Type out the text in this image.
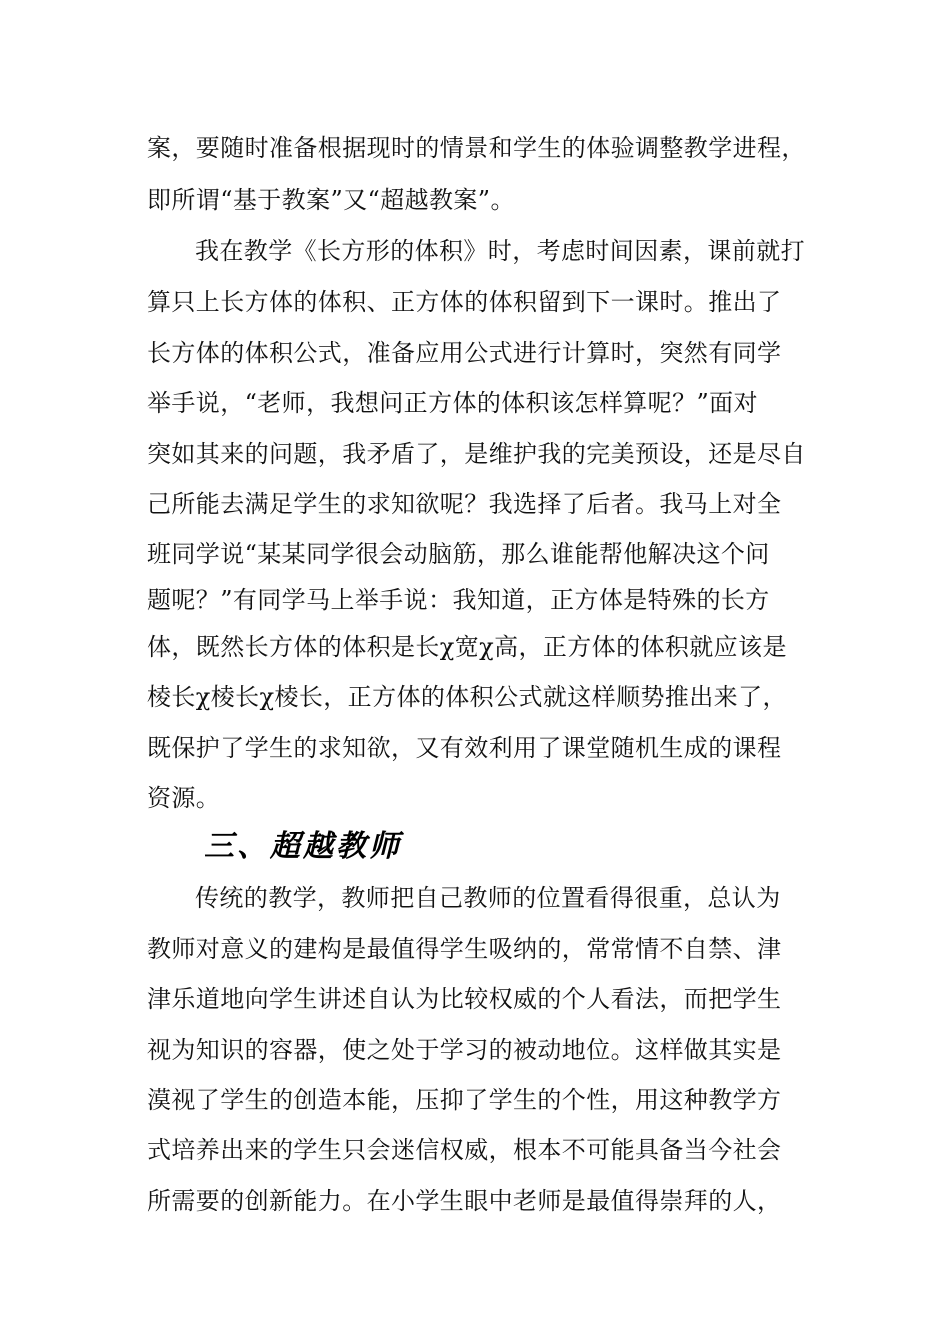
案，要随时准备根据现时的情景和学生的体验调整教学进程，
即所谓“基于教案”又“超越教案”。
我在教学《长方形的体积》时，考虑时间因素，课前就打
算只上长方体的体积、正方体的体积留到下一课时。推出了
长方体的体积公式，准备应用公式进行计算时，突然有同学
举手说，“老师，我想问正方体的体积该怎样算呢？”面对
突如其来的问题，我矛盾了，是维护我的完美预设，还是尽自
己所能去满足学生的求知欲呢？我选择了后者。我马上对全
班同学说“某某同学很会动脑筋，那么谁能帮他解决这个问
题呢？”有同学马上举手说：我知道，正方体是特殊的长方
体，既然长方体的体积是长χ宽χ高，正方体的体积就应该是
棱长χ棱长χ棱长，正方体的体积公式就这样顺势推出来了，
既保护了学生的求知欲，又有效利用了课堂随机生成的课程
资源。
三、超越教师
传统的教学，教师把自己教师的位置看得很重，总认为
教师对意义的建构是最值得学生吸纳的，常常情不自禁、津
津乐道地向学生讲述自认为比较权威的个人看法，而把学生
视为知识的容器，使之处于学习的被动地位。这样做其实是
漠视了学生的创造本能，压抑了学生的个性，用这种教学方
式培养出来的学生只会迷信权威，根本不可能具备当今社会
所需要的创新能力。在小学生眼中老师是最值得崇拜的人，
